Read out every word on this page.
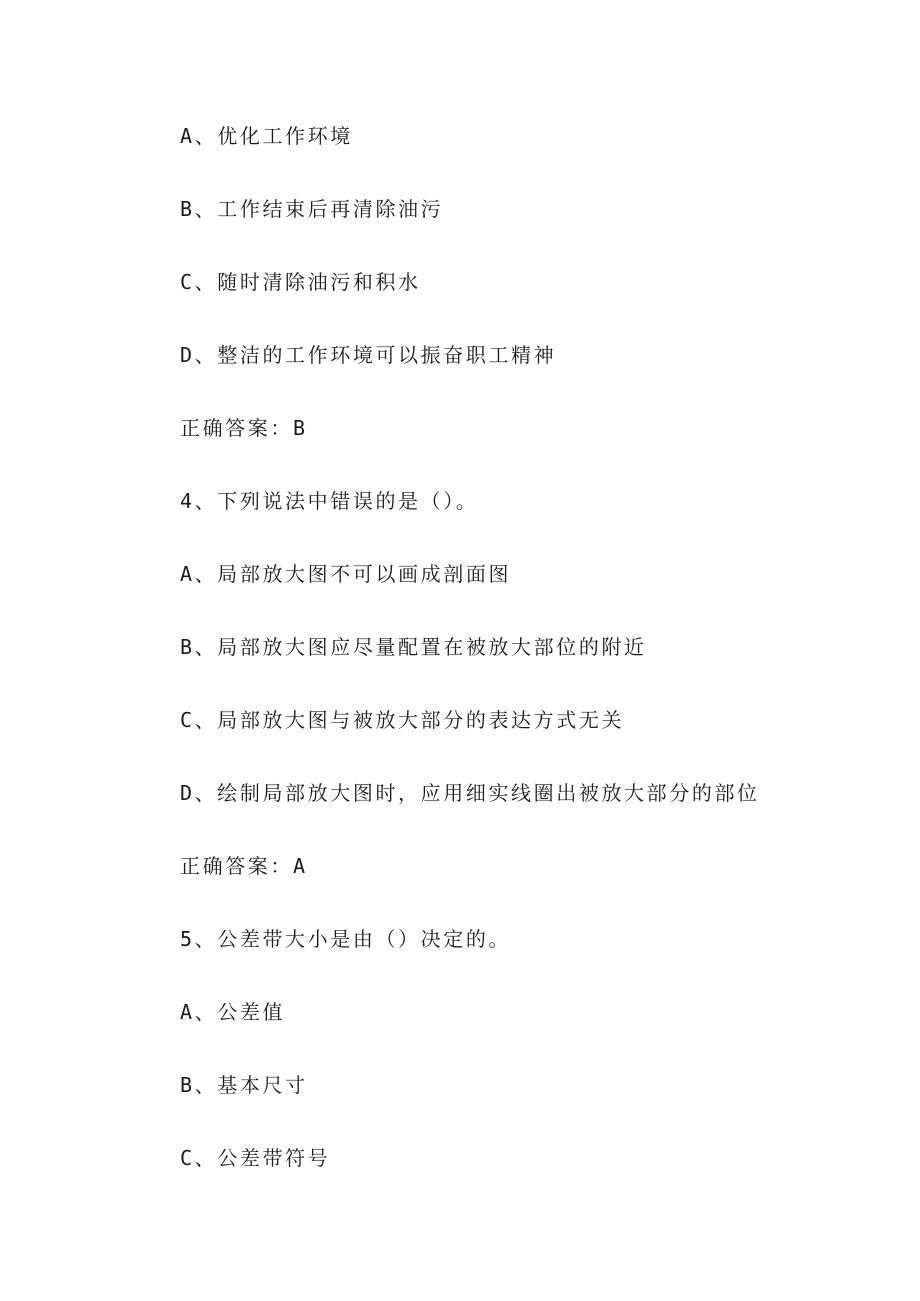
A、优化工作环境
B、工作结束后再清除油污
C、随时清除油污和积水
D、整洁的工作环境可以振奋职工精神
正确答案：B
4、下列说法中错误的是（）。
A、局部放大图不可以画成剖面图
B、局部放大图应尽量配置在被放大部位的附近
C、局部放大图与被放大部分的表达方式无关
D、绘制局部放大图时，应用细实线圈出被放大部分的部位
正确答案：A
5、公差带大小是由（）决定的。
A、公差值
B、基本尺寸
C、公差带符号
